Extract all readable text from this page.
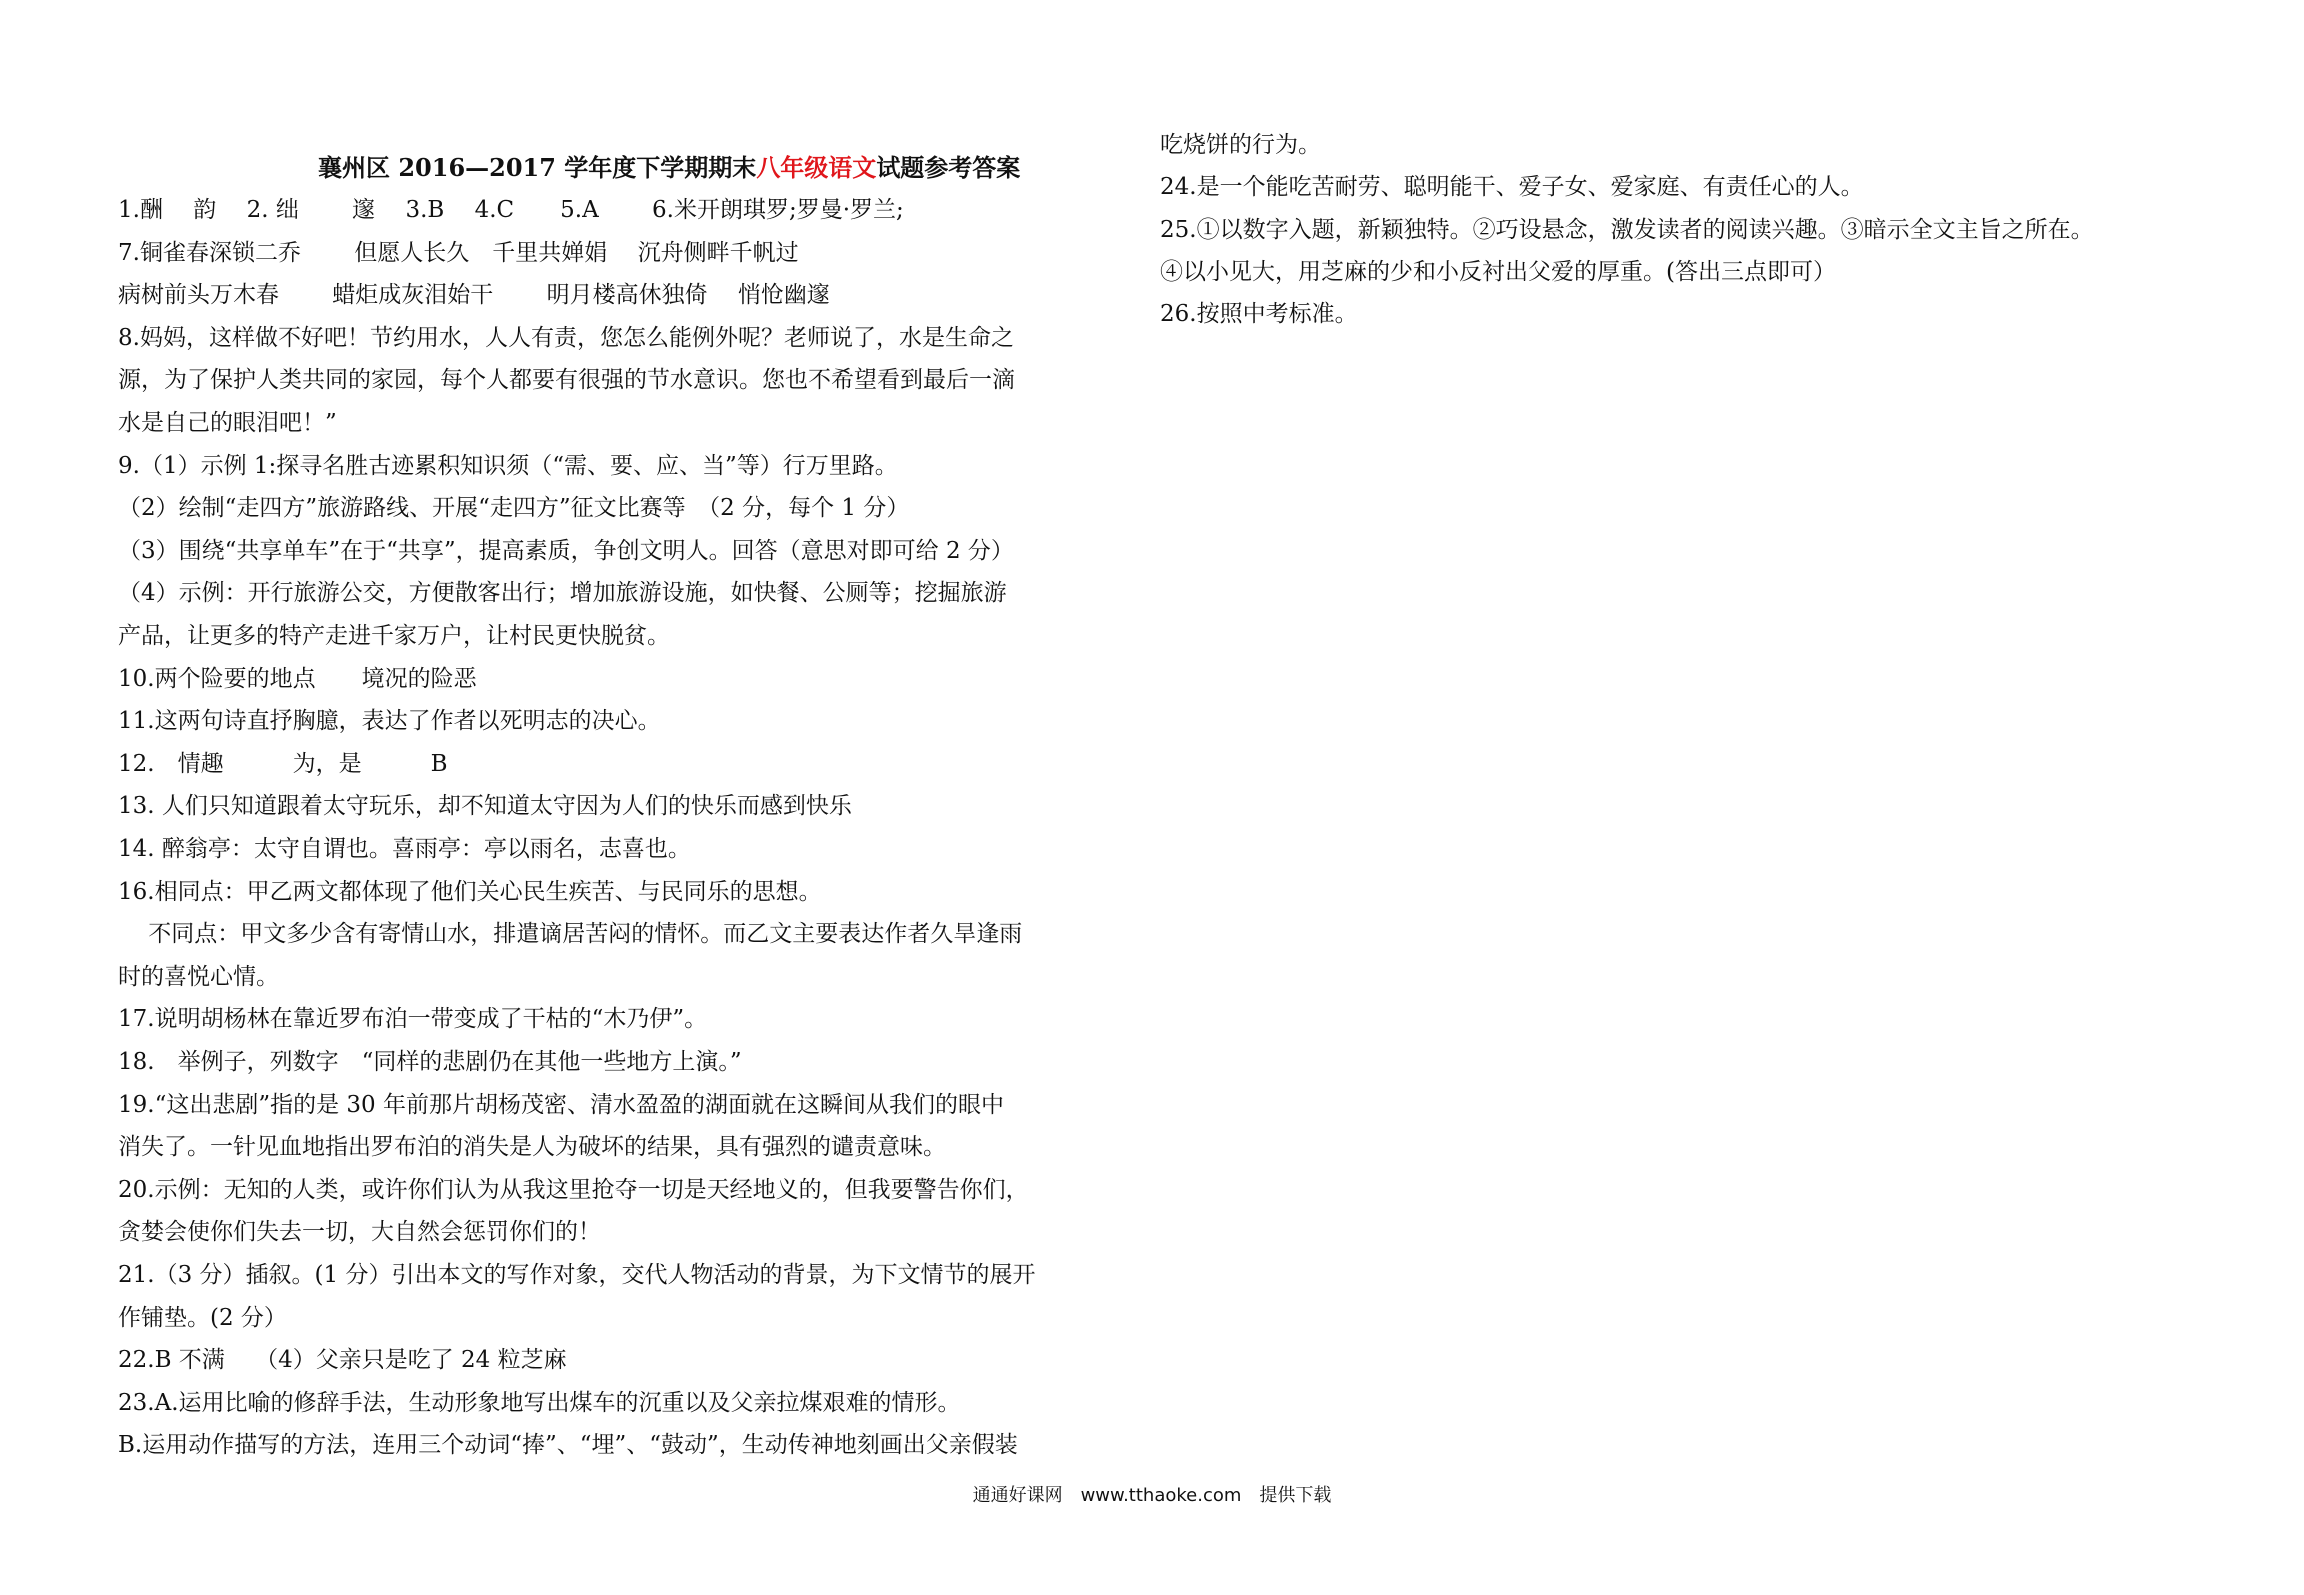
襄州区 2016—2017 学年度下学期期末八年级语文试题参考答案
1.酬　 韵　 2. 绌　　 邃　 3.B　 4.C　　5.A　　 6.米开朗琪罗;罗曼·罗兰;
7.铜雀春深锁二乔　　 但愿人长久　千里共婵娟　 沉舟侧畔千帆过
病树前头万木春　　 蜡炬成灰泪始干　　 明月楼高休独倚　 悄怆幽邃
8.妈妈，这样做不好吧！节约用水，人人有责，您怎么能例外呢？老师说了，水是生命之
源，为了保护人类共同的家园，每个人都要有很强的节水意识。您也不希望看到最后一滴
水是自己的眼泪吧！”
9.（1）示例 1:探寻名胜古迹累积知识须（“需、要、应、当”等）行万里路。
（2）绘制“走四方”旅游路线、开展“走四方”征文比赛等　（2 分，每个 1 分）
（3）围绕“共享单车”在于“共享”，提高素质，争创文明人。回答（意思对即可给 2 分）
（4）示例：开行旅游公交，方便散客出行；增加旅游设施，如快餐、公厕等；挖掘旅游
产品，让更多的特产走进千家万户，让村民更快脱贫。
10.两个险要的地点　　境况的险恶
11.这两句诗直抒胸臆，表达了作者以死明志的决心。
12.　情趣　　　为，是　　　B
13. 人们只知道跟着太守玩乐，却不知道太守因为人们的快乐而感到快乐
14. 醉翁亭：太守自谓也。喜雨亭：亭以雨名，志喜也。
16.相同点：甲乙两文都体现了他们关心民生疾苦、与民同乐的思想。
　 不同点：甲文多少含有寄情山水，排遣谪居苦闷的情怀。而乙文主要表达作者久旱逢雨
时的喜悦心情。
17.说明胡杨林在靠近罗布泊一带变成了干枯的“木乃伊”。
18.　举例子，列数字　“同样的悲剧仍在其他一些地方上演。”
19.“这出悲剧”指的是 30 年前那片胡杨茂密、清水盈盈的湖面就在这瞬间从我们的眼中
消失了。一针见血地指出罗布泊的消失是人为破坏的结果，具有强烈的谴责意味。
20.示例：无知的人类，或许你们认为从我这里抢夺一切是天经地义的，但我要警告你们，
贪婪会使你们失去一切，大自然会惩罚你们的！
21.（3 分）插叙。(1 分）引出本文的写作对象，交代人物活动的背景，为下文情节的展开
作铺垫。(2 分）
22.B 不满　 （4）父亲只是吃了 24 粒芝麻
23.A.运用比喻的修辞手法，生动形象地写出煤车的沉重以及父亲拉煤艰难的情形。
B.运用动作描写的方法，连用三个动词“捧”、“埋”、“鼓动”，生动传神地刻画出父亲假装
吃烧饼的行为。
24.是一个能吃苦耐劳、聪明能干、爱子女、爱家庭、有责任心的人。
25.①以数字入题，新颖独特。②巧设悬念，激发读者的阅读兴趣。③暗示全文主旨之所在。
④以小见大，用芝麻的少和小反衬出父爱的厚重。(答出三点即可）
26.按照中考标准。
通通好课网　www.tthaoke.com　提供下载
